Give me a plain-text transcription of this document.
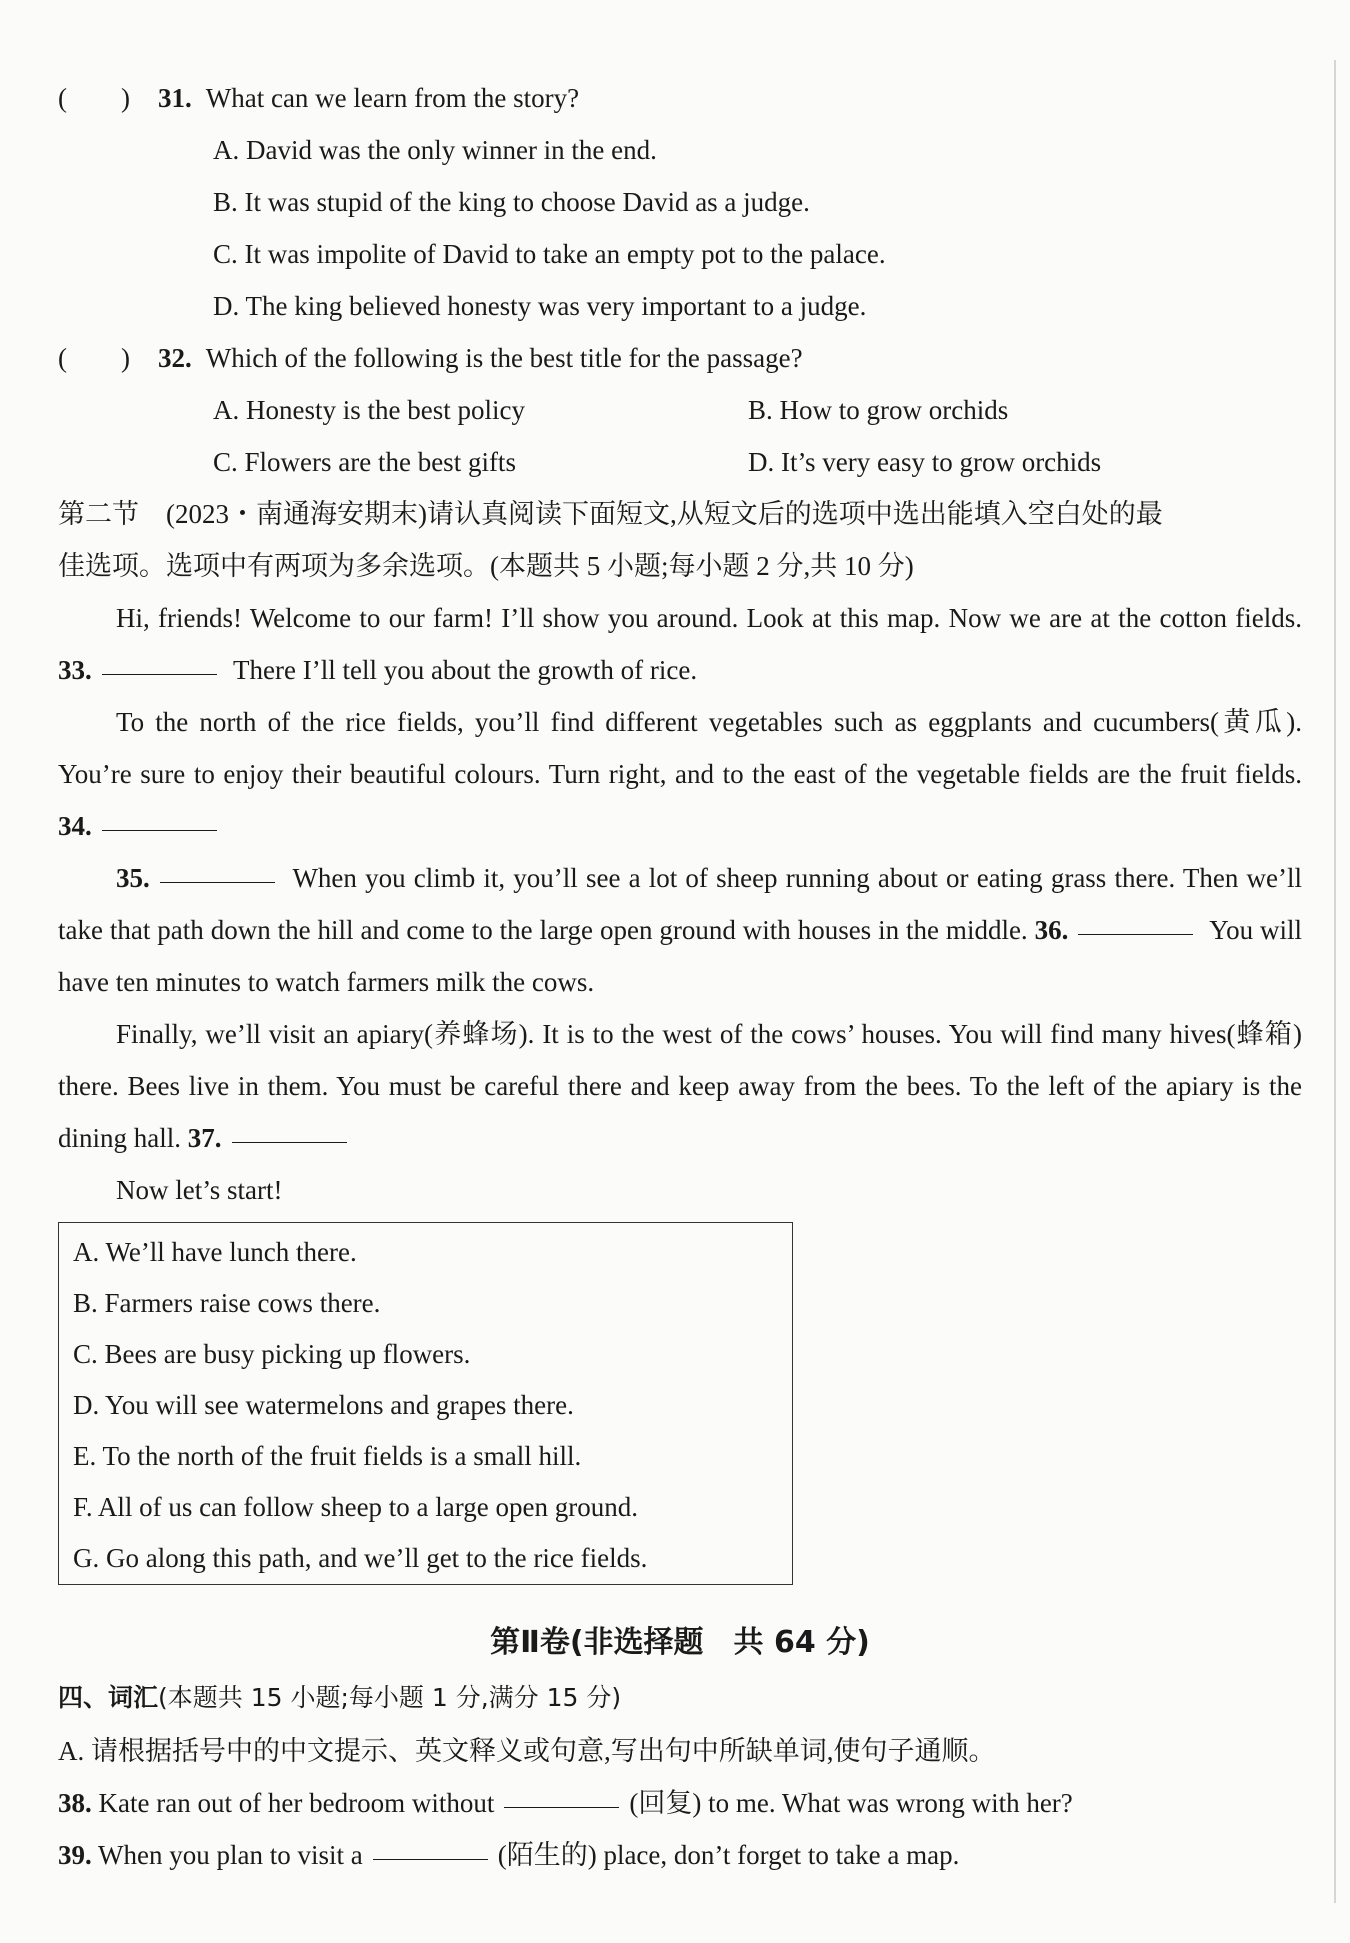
(　　)	31. What can we learn from the story?
A. David was the only winner in the end.
B. It was stupid of the king to choose David as a judge.
C. It was impolite of David to take an empty pot to the palace.
D. The king believed honesty was very important to a judge.
(　　)	32. Which of the following is the best title for the passage?
A. Honesty is the best policy	B. How to grow orchids
C. Flowers are the best gifts	D. It’s very easy to grow orchids
第二节　(2023・南通海安期末)请认真阅读下面短文,从短文后的选项中选出能填入空白处的最
佳选项。选项中有两项为多余选项。(本题共 5 小题;每小题 2 分,共 10 分)
Hi, friends! Welcome to our farm! I’ll show you around. Look at this map. Now we are at the cotton fields. 33.	There I’ll tell you about the growth of rice.
To the north of the rice fields, you’ll find different vegetables such as eggplants and cucumbers(黄瓜). You’re sure to enjoy their beautiful colours. Turn right, and to the east of the vegetable fields are the fruit fields. 34.
35.	When you climb it, you’ll see a lot of sheep running about or eating grass there. Then we’ll take that path down the hill and come to the large open ground with houses in the middle. 36.	You will have ten minutes to watch farmers milk the cows.
Finally, we’ll visit an apiary(养蜂场). It is to the west of the cows’ houses. You will find many hives(蜂箱) there. Bees live in them. You must be careful there and keep away from the bees. To the left of the apiary is the dining hall. 37.
Now let’s start!
A. We’ll have lunch there.
B. Farmers raise cows there.
C. Bees are busy picking up flowers.
D. You will see watermelons and grapes there.
E. To the north of the fruit fields is a small hill.
F. All of us can follow sheep to a large open ground.
G. Go along this path, and we’ll get to the rice fields.
第Ⅱ卷(非选择题　共 64 分)
四、词汇(本题共 15 小题;每小题 1 分,满分 15 分)
A. 请根据括号中的中文提示、英文释义或句意,写出句中所缺单词,使句子通顺。
38. Kate ran out of her bedroom without	(回复) to me. What was wrong with her?
39. When you plan to visit a	(陌生的) place, don’t forget to take a map.
